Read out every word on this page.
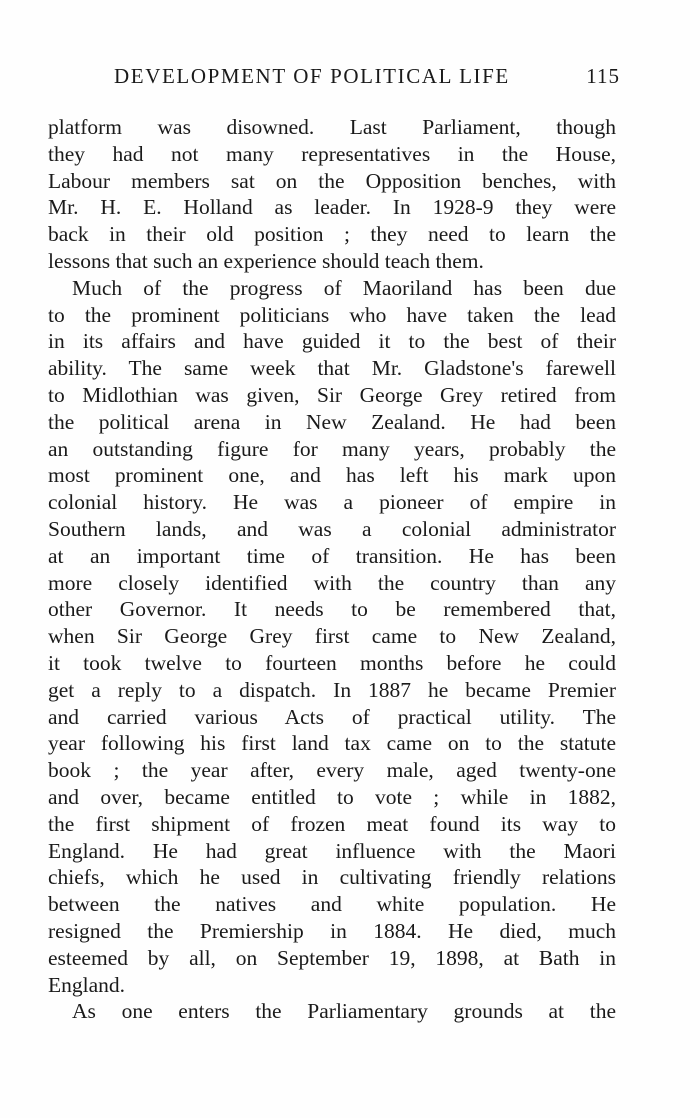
DEVELOPMENT OF POLITICAL LIFE	115
platform was disowned. Last Parliament, though
they had not many representatives in the House,
Labour members sat on the Opposition benches, with
Mr. H. E. Holland as leader. In 1928-9 they were
back in their old position ; they need to learn the
lessons that such an experience should teach them.
Much of the progress of Maoriland has been due
to the prominent politicians who have taken the lead
in its affairs and have guided it to the best of their
ability. The same week that Mr. Gladstone's farewell
to Midlothian was given, Sir George Grey retired from
the political arena in New Zealand. He had been
an outstanding figure for many years, probably the
most prominent one, and has left his mark upon
colonial history. He was a pioneer of empire in
Southern lands, and was a colonial administrator
at an important time of transition. He has been
more closely identified with the country than any
other Governor. It needs to be remembered that,
when Sir George Grey first came to New Zealand,
it took twelve to fourteen months before he could
get a reply to a dispatch. In 1887 he became Premier
and carried various Acts of practical utility. The
year following his first land tax came on to the statute
book ; the year after, every male, aged twenty-one
and over, became entitled to vote ; while in 1882,
the first shipment of frozen meat found its way to
England. He had great influence with the Maori
chiefs, which he used in cultivating friendly relations
between the natives and white population. He
resigned the Premiership in 1884. He died, much
esteemed by all, on September 19, 1898, at Bath in
England.
As one enters the Parliamentary grounds at the
